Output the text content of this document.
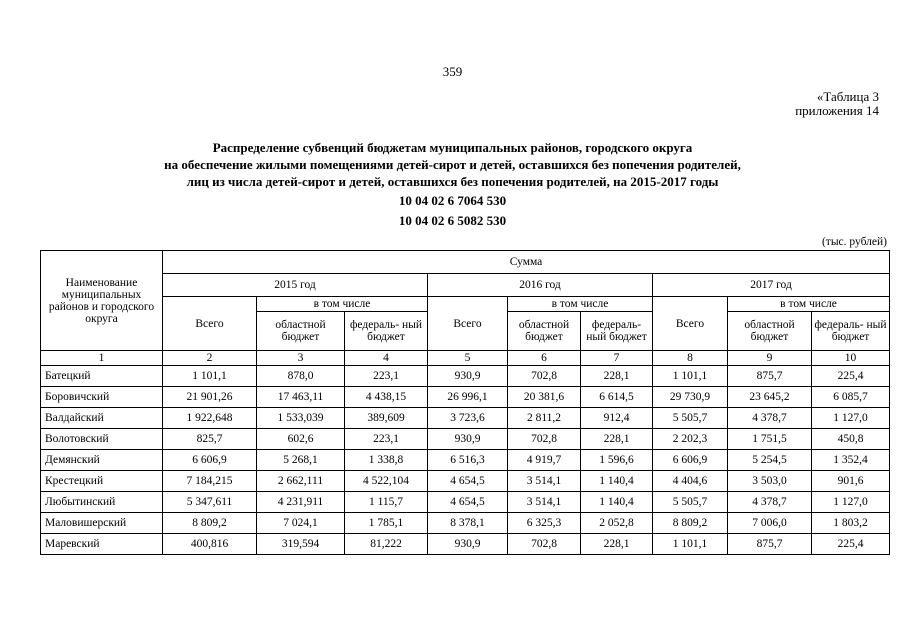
359
«Таблица 3
приложения 14
Распределение субвенций бюджетам муниципальных районов, городского округа
на обеспечение жилыми помещениями детей-сирот и детей, оставшихся без попечения родителей,
лиц из числа детей-сирот и детей, оставшихся без попечения родителей, на 2015-2017 годы
10 04 02 6 7064 530
10 04 02 6 5082 530
(тыс. рублей)
Наименование муниципальных районов и городского округа	Сумма								
	2015 год			2016 год			2017 год		
	Всего	в том числе		Всего	в том числе		Всего	в том числе	
		областной бюджет	федераль- ный бюджет		областной бюджет	федераль- ный бюджет		областной бюджет	федераль- ный бюджет
1	2	3	4	5	6	7	8	9	10
Батецкий	1 101,1	878,0	223,1	930,9	702,8	228,1	1 101,1	875,7	225,4
Боровичский	21 901,26	17 463,11	4 438,15	26 996,1	20 381,6	6 614,5	29 730,9	23 645,2	6 085,7
Валдайский	1 922,648	1 533,039	389,609	3 723,6	2 811,2	912,4	5 505,7	4 378,7	1 127,0
Волотовский	825,7	602,6	223,1	930,9	702,8	228,1	2 202,3	1 751,5	450,8
Демянский	6 606,9	5 268,1	1 338,8	6 516,3	4 919,7	1 596,6	6 606,9	5 254,5	1 352,4
Крестецкий	7 184,215	2 662,111	4 522,104	4 654,5	3 514,1	1 140,4	4 404,6	3 503,0	901,6
Любытинский	5 347,611	4 231,911	1 115,7	4 654,5	3 514,1	1 140,4	5 505,7	4 378,7	1 127,0
Маловишерский	8 809,2	7 024,1	1 785,1	8 378,1	6 325,3	2 052,8	8 809,2	7 006,0	1 803,2
Маревский	400,816	319,594	81,222	930,9	702,8	228,1	1 101,1	875,7	225,4
